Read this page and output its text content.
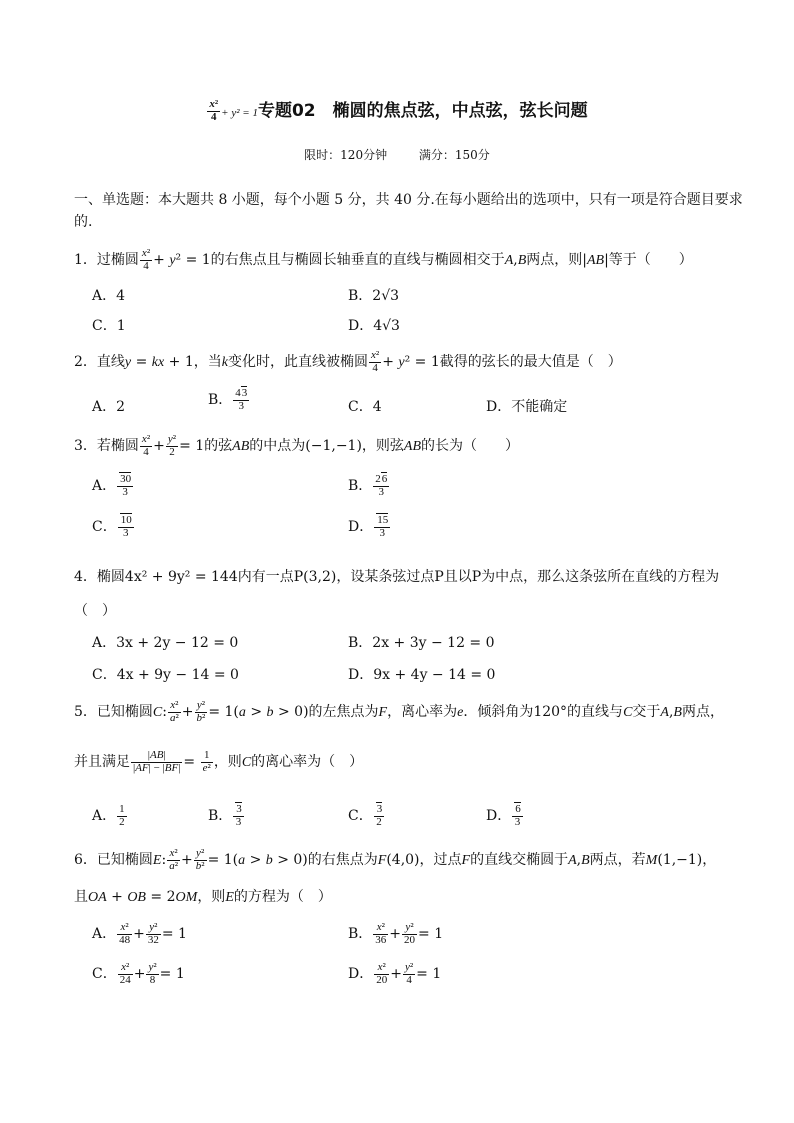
$\frac{\text{x²}}{4} + y^2 = 1$专题02　椭圆的焦点弦，中点弦，弦长问题
限时：120分钟	满分：150分
一、单选题：本大题共 8 小题，每个小题 5 分，共 40 分.在每小题给出的选项中，只有一项是符合题目要求
的.
1．过椭圆 $\frac{\text{x²}}{4} + y^2 = 1$的右焦点且与椭圆长轴垂直的直线与椭圆相交于A,B两点，则|AB|等于（　　）
A．4	B．2√3
C．1	D．4√3
2．直线y = kx + 1，当k变化时，此直线被椭圆 $\frac{\text{x²}}{4} + y^2 = 1$截得的弦长的最大值是（　）
A．2	B． $\frac{43}{3}$	C．4	D．不能确定
3．若椭圆 $\frac{\text{x²}}{4} + \frac{\text{y²}}{2} = 1$的弦AB的中点为(−1,−1)，则弦AB的长为（　　）
A． $\frac{30}{3}$	B． $\frac{26}{3}$
C． $\frac{10}{3}$	D． $\frac{15}{3}$
4．椭圆4x² + 9y² = 144内有一点P(3,2)，设某条弦过点P且以P为中点，那么这条弦所在直线的方程为
（　）
A．3x + 2y − 12 = 0	B．2x + 3y − 12 = 0
C．4x + 9y − 14 = 0	D．9x + 4y − 14 = 0
5．已知椭圆C: $\frac{\text{x²}}{\text{a²}} + \frac{\text{y²}}{\text{b²}} = 1(a > b > 0)$的左焦点为F，离心率为e．倾斜角为120°的直线与C交于A,B两点，
并且满足 $\frac{|AB|}{|AF| - |BF|} = \frac{1}{\text{e²}}$ ，则C的离心率为（　）
A． $\frac{1}{2}$	B． $\frac{3}{3}$	C． $\frac{3}{2}$	D． $\frac{6}{3}$
6．已知椭圆E: $\frac{\text{x²}}{\text{a²}} + \frac{\text{y²}}{\text{b²}} = 1(a > b > 0)$的右焦点为F(4,0)，过点F的直线交椭圆于A,B两点，若M(1,−1)，
且OA + OB = 2OM，则E的方程为（　）
A． $\frac{\text{x²}}{48} + \frac{\text{y²}}{32} = 1$	B． $\frac{\text{x²}}{36} + \frac{\text{y²}}{20} = 1$
C． $\frac{\text{x²}}{24} + \frac{\text{y²}}{8} = 1$	D． $\frac{\text{x²}}{20} + \frac{\text{y²}}{4} = 1$
